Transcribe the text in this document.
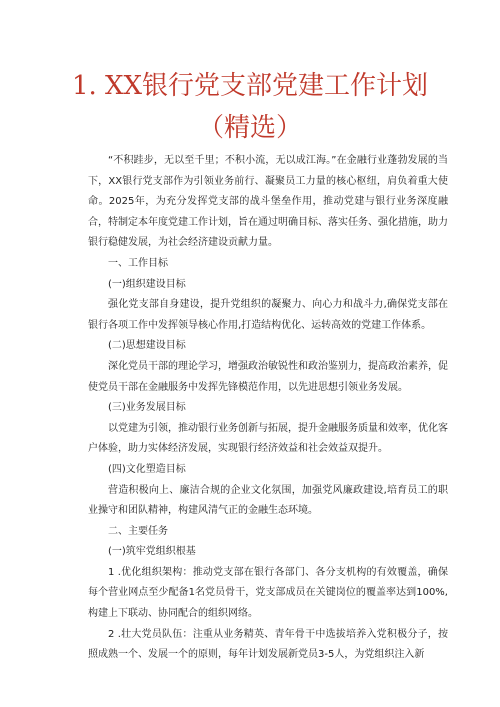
1. XX银行党支部党建工作计划
（精选）

“不积跬步，无以至千里；不积小流，无以成江海。”在金融行业蓬勃发展的当下，XX银行党支部作为引领业务前行、凝聚员工力量的核心枢纽，肩负着重大使命。2025年，为充分发挥党支部的战斗堡垒作用，推动党建与银行业务深度融合，特制定本年度党建工作计划，旨在通过明确目标、落实任务、强化措施，助力银行稳健发展，为社会经济建设贡献力量。

一、工作目标

(一)组织建设目标

强化党支部自身建设，提升党组织的凝聚力、向心力和战斗力,确保党支部在银行各项工作中发挥领导核心作用,打造结构优化、运转高效的党建工作体系。

(二)思想建设目标

深化党员干部的理论学习，增强政治敏锐性和政治鉴别力，提高政治素养，促使党员干部在金融服务中发挥先锋模范作用，以先进思想引领业务发展。

(三)业务发展目标

以党建为引领，推动银行业务创新与拓展，提升金融服务质量和效率，优化客户体验，助力实体经济发展，实现银行经济效益和社会效益双提升。

(四)文化塑造目标

营造积极向上、廉洁合规的企业文化氛围，加强党风廉政建设,培育员工的职业操守和团队精神，构建风清气正的金融生态环境。

二、主要任务

(一)筑牢党组织根基

1 .优化组织架构：推动党支部在银行各部门、各分支机构的有效覆盖，确保每个营业网点至少配备1名党员骨干，党支部成员在关键岗位的覆盖率达到100%,构建上下联动、协同配合的组织网络。

2 .壮大党员队伍：注重从业务精英、青年骨干中选拔培养入党积极分子，按照成熟一个、发展一个的原则，每年计划发展新党员3-5人，为党组织注入新
